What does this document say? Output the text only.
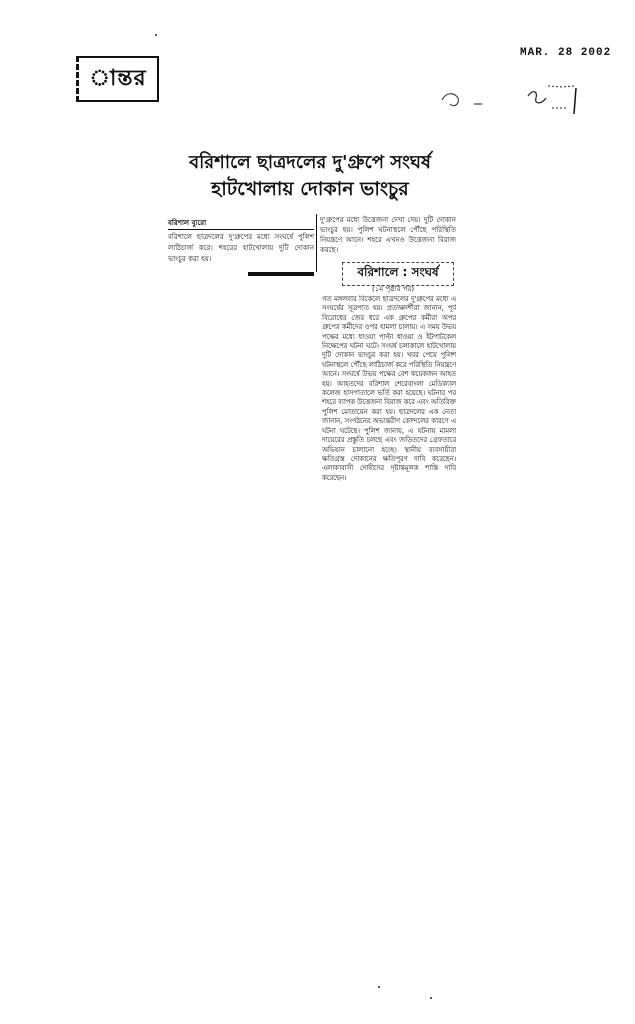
ান্তর
MAR. 28 2002
বরিশালে ছাত্রদলের দু'গ্রুপে সংঘর্ষ
হাটখোলায় দোকান ভাংচুর
বরিশাল ব্যুরো
বরিশালে ছাত্রদলের দু'গ্রুপের মধ্যে সংঘর্ষে পুলিশ লাঠিচার্জ করে। শহরের হাটখোলায় দুটি দোকান ভাংচুর করা হয়।
দু'গ্রুপের মধ্যে উত্তেজনা দেখা দেয়। দুটি দোকান ভাংচুর হয়। পুলিশ ঘটনাস্থলে পৌঁছে পরিস্থিতি নিয়ন্ত্রণে আনে। শহরে এখনও উত্তেজনা বিরাজ করছে।
বরিশালে : সংঘর্ষ
(১ম পৃষ্ঠার পর)

গত মঙ্গলবার বিকেলে ছাত্রদলের দু'গ্রুপের মধ্যে এ সংঘর্ষের সূত্রপাত হয়। প্রত্যক্ষদর্শীরা জানান, পূর্ব বিরোধের জের ধরে এক গ্রুপের কর্মীরা অপর গ্রুপের কর্মীদের ওপর হামলা চালায়। এ সময় উভয় পক্ষের মধ্যে ধাওয়া পাল্টা ধাওয়া ও ইটপাটকেল নিক্ষেপের ঘটনা ঘটে। সংঘর্ষ চলাকালে হাটখোলায় দুটি দোকান ভাংচুর করা হয়। খবর পেয়ে পুলিশ ঘটনাস্থলে পৌঁছে লাঠিচার্জ করে পরিস্থিতি নিয়ন্ত্রণে আনে। সংঘর্ষে উভয় পক্ষের বেশ কয়েকজন আহত হয়। আহতদের বরিশাল শেরেবাংলা মেডিক্যাল কলেজ হাসপাতালে ভর্তি করা হয়েছে। ঘটনার পর শহরে ব্যাপক উত্তেজনা বিরাজ করে এবং অতিরিক্ত পুলিশ মোতায়েন করা হয়। ছাত্রদলের এক নেতা জানান, সংগঠনের অভ্যন্তরীণ কোন্দলের কারণে এ ঘটনা ঘটেছে। পুলিশ জানায়, এ ঘটনায় মামলা দায়েরের প্রস্তুতি চলছে এবং জড়িতদের গ্রেফতারে অভিযান চালানো হচ্ছে। স্থানীয় ব্যবসায়ীরা ক্ষতিগ্রস্ত দোকানের ক্ষতিপূরণ দাবি করেছেন। এলাকাবাসী দোষীদের দৃষ্টান্তমূলক শাস্তি দাবি করেছেন।
